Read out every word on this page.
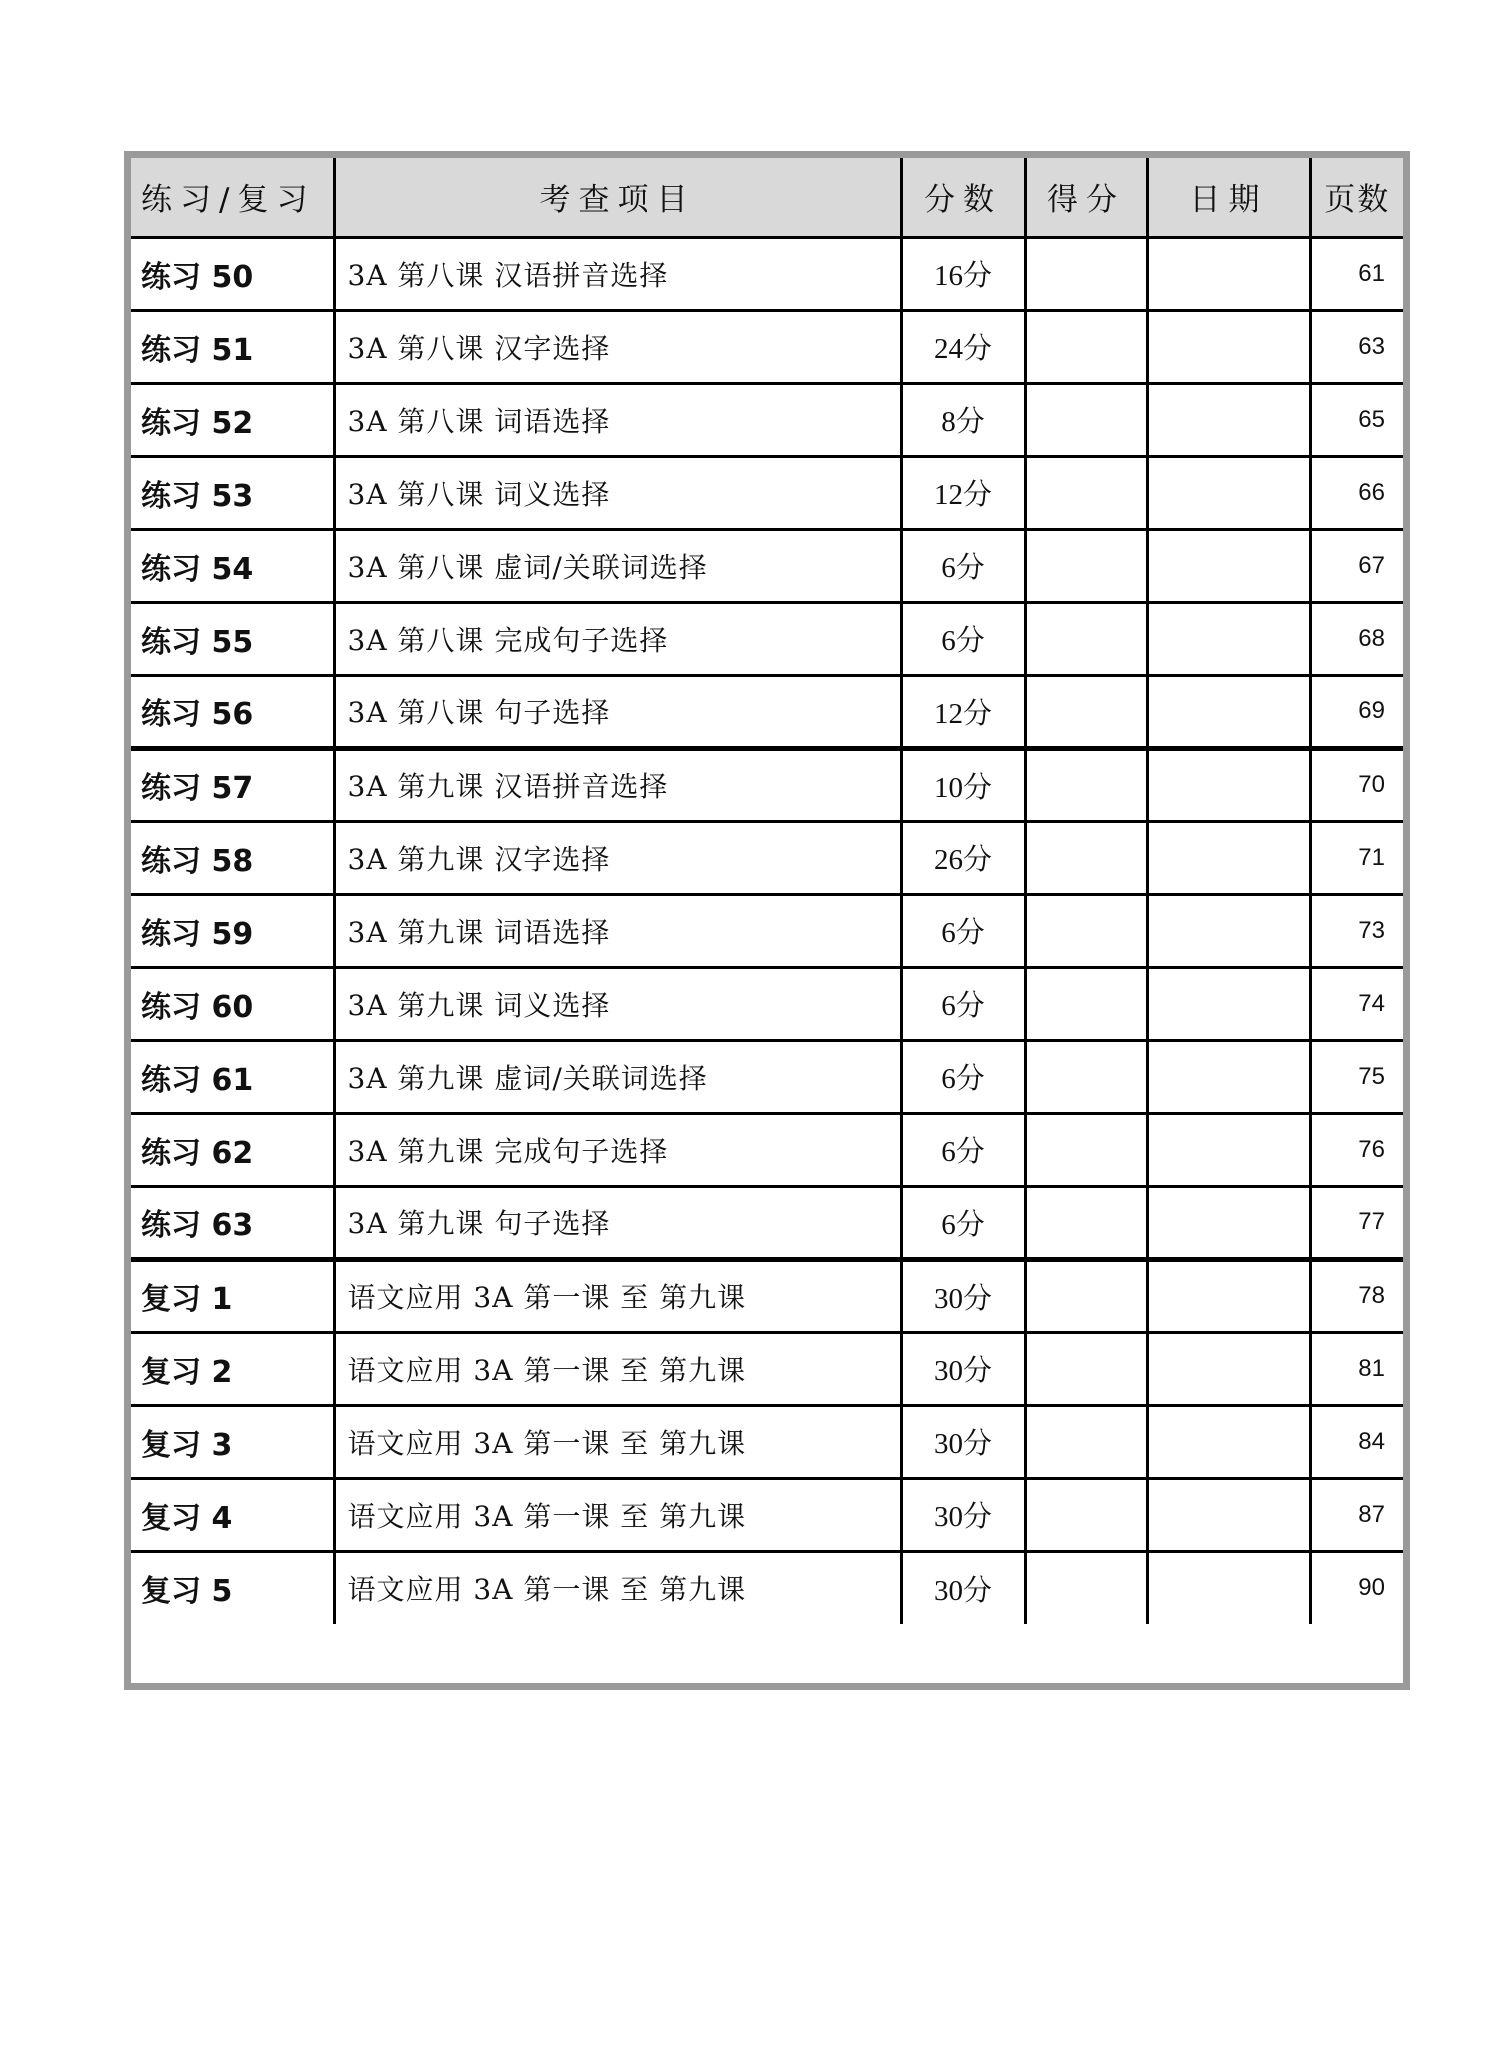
练习/复习	考查项目	分数	得分	日期	页数
练习 50	3A 第八课 汉语拼音选择	16分			61
练习 51	3A 第八课 汉字选择	24分			63
练习 52	3A 第八课 词语选择	8分			65
练习 53	3A 第八课 词义选择	12分			66
练习 54	3A 第八课 虚词/关联词选择	6分			67
练习 55	3A 第八课 完成句子选择	6分			68
练习 56	3A 第八课 句子选择	12分			69
练习 57	3A 第九课 汉语拼音选择	10分			70
练习 58	3A 第九课 汉字选择	26分			71
练习 59	3A 第九课 词语选择	6分			73
练习 60	3A 第九课 词义选择	6分			74
练习 61	3A 第九课 虚词/关联词选择	6分			75
练习 62	3A 第九课 完成句子选择	6分			76
练习 63	3A 第九课 句子选择	6分			77
复习 1	语文应用 3A 第一课 至 第九课	30分			78
复习 2	语文应用 3A 第一课 至 第九课	30分			81
复习 3	语文应用 3A 第一课 至 第九课	30分			84
复习 4	语文应用 3A 第一课 至 第九课	30分			87
复习 5	语文应用 3A 第一课 至 第九课	30分			90
